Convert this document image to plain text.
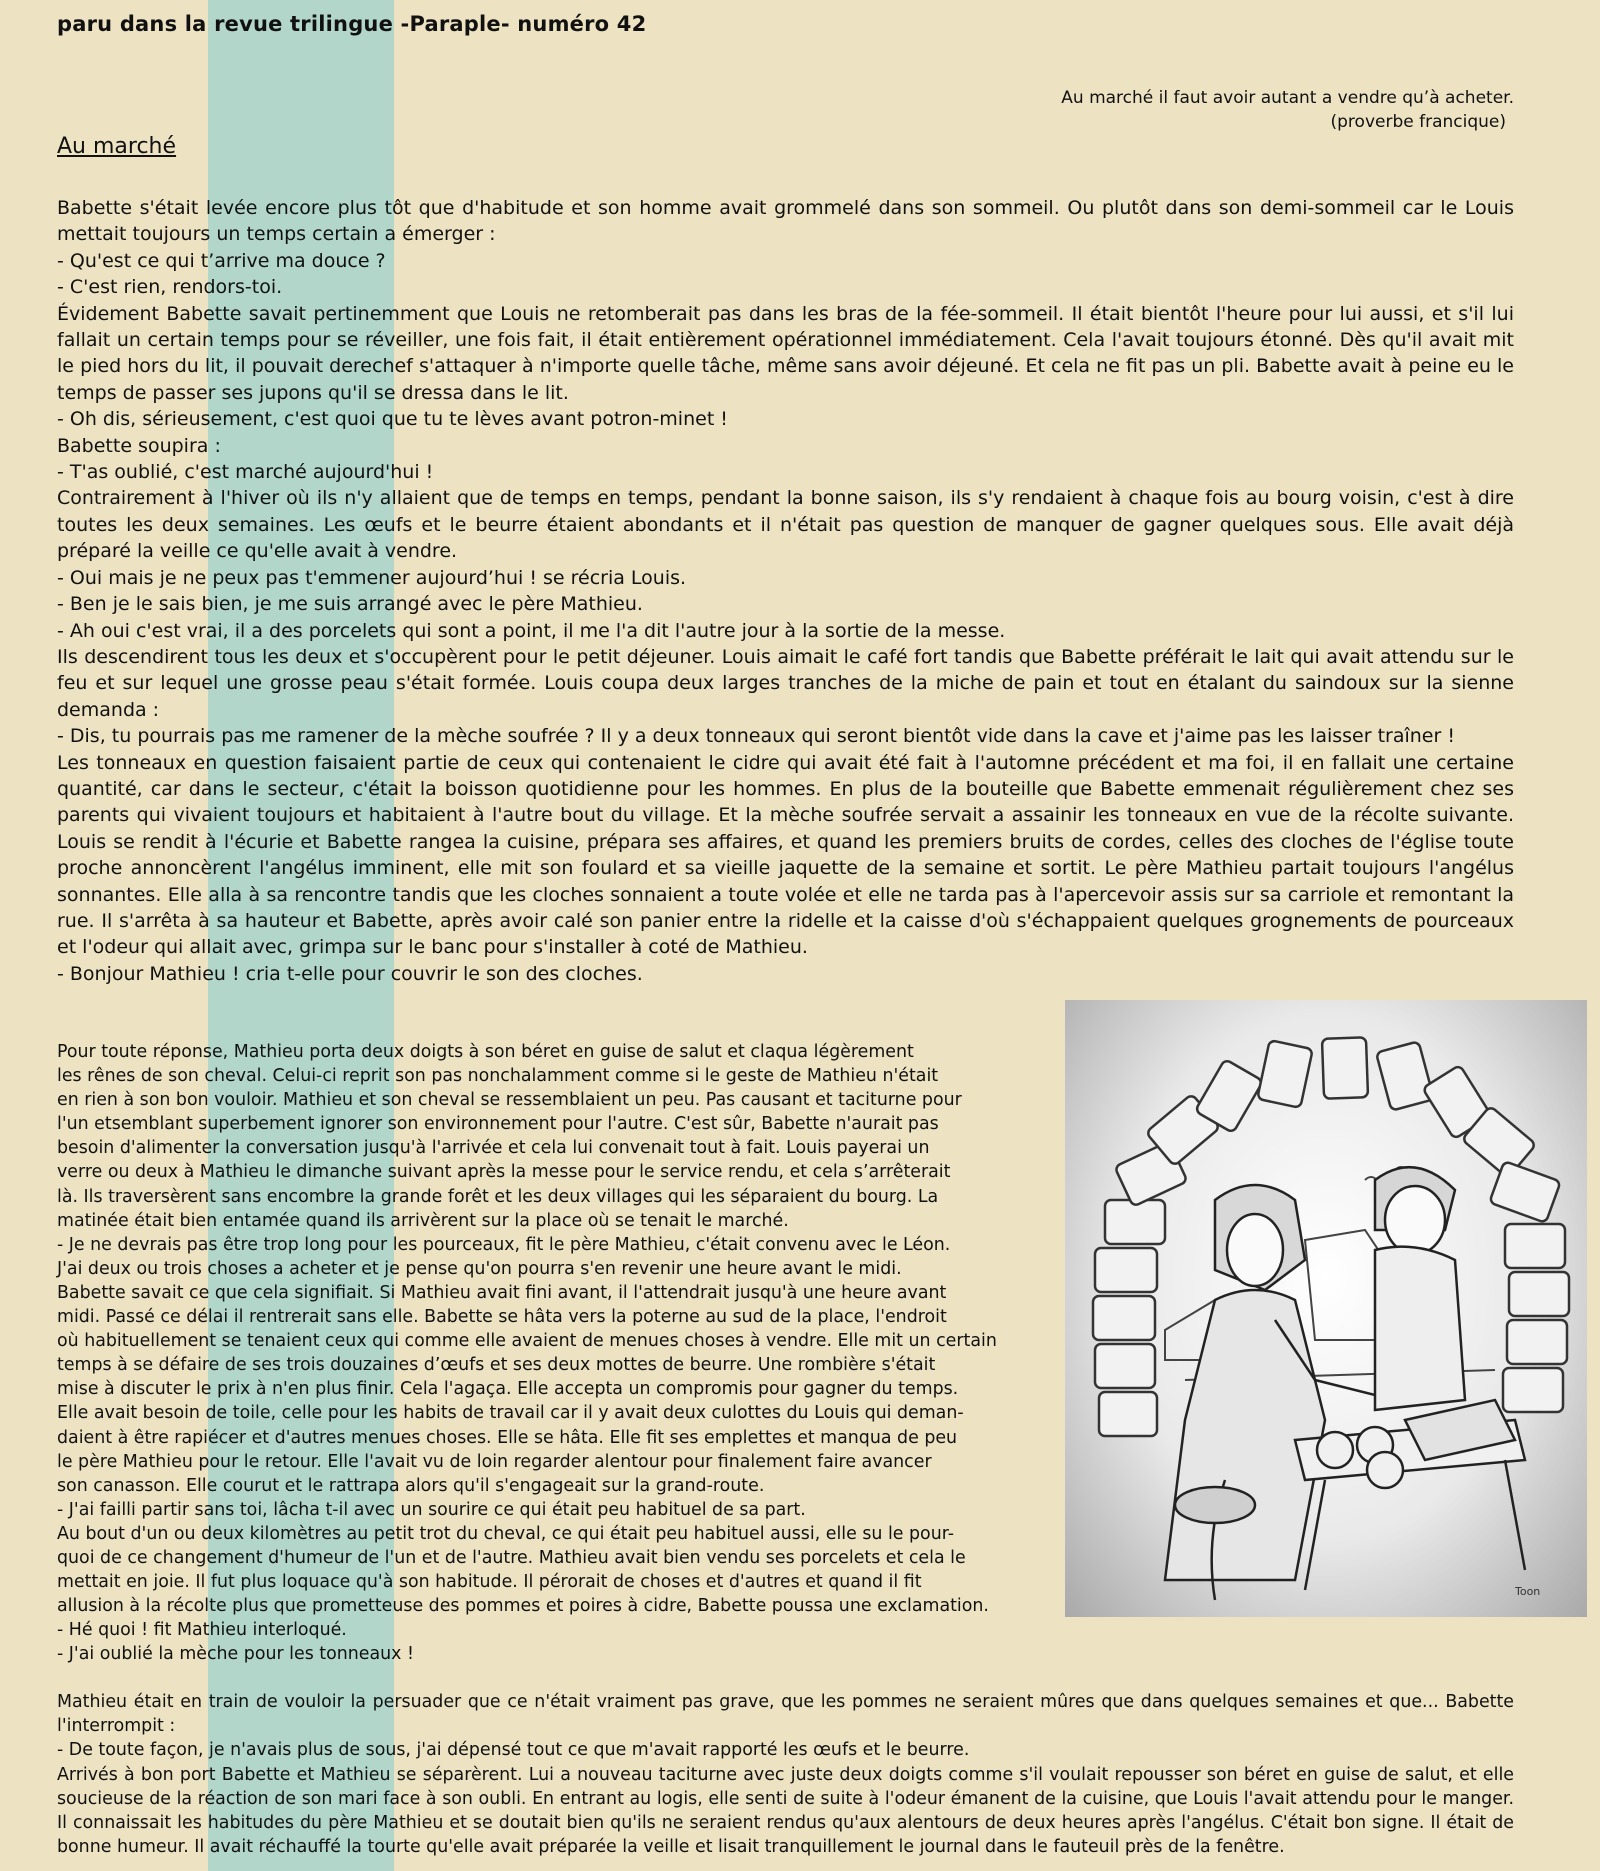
paru dans la revue trilingue -Paraple- numéro 42
Au marché il faut avoir autant a vendre qu’à acheter.
(proverbe francique)
Au marché

Babette s'était levée encore plus tôt que d'habitude et son homme avait grommelé dans son sommeil. Ou plutôt dans son demi-sommeil car le Louis mettait toujours un temps certain a émerger :

- Qu'est ce qui t’arrive ma douce ?

- C'est rien, rendors-toi.

Évidement Babette savait pertinemment que Louis ne retomberait pas dans les bras de la fée-sommeil. Il était bientôt l'heure pour lui aussi, et s'il lui fallait un certain temps pour se réveiller, une fois fait, il était entièrement opérationnel immédiatement. Cela l'avait toujours étonné. Dès qu'il avait mit le pied hors du lit, il pouvait derechef s'attaquer à n'importe quelle tâche, même sans avoir déjeuné. Et cela ne fit pas un pli. Babette avait à peine eu le temps de passer ses jupons qu'il se dressa dans le lit.

- Oh dis, sérieusement, c'est quoi que tu te lèves avant potron-minet !

Babette soupira :

- T'as oublié, c'est marché aujourd'hui !

Contrairement à l'hiver où ils n'y allaient que de temps en temps, pendant la bonne saison, ils s'y rendaient à chaque fois au bourg voisin, c'est à dire toutes les deux semaines. Les œufs et le beurre étaient abondants et il n'était pas question de manquer de gagner quelques sous. Elle avait déjà préparé la veille ce qu'elle avait à vendre.

- Oui mais je ne peux pas t'emmener aujourd’hui ! se récria Louis.

- Ben je le sais bien, je me suis arrangé avec le père Mathieu.

- Ah oui c'est vrai, il a des porcelets qui sont a point, il me l'a dit l'autre jour à la sortie de la messe.

Ils descendirent tous les deux et s'occupèrent pour le petit déjeuner. Louis aimait le café fort tandis que Babette préférait le lait qui avait attendu sur le feu et sur lequel une grosse peau s'était formée. Louis coupa deux larges tranches de la miche de pain et tout en étalant du saindoux sur la sienne demanda :

- Dis, tu pourrais pas me ramener de la mèche soufrée ? Il y a deux tonneaux qui seront bientôt vide dans la cave et j'aime pas les laisser traîner !

Les tonneaux en question faisaient partie de ceux qui contenaient le cidre qui avait été fait à l'automne précédent et ma foi, il en fallait une certaine quantité, car dans le secteur, c'était la boisson quotidienne pour les hommes. En plus de la bouteille que Babette emmenait régulièrement chez ses parents qui vivaient toujours et habitaient à l'autre bout du village. Et la mèche soufrée servait a assainir les tonneaux en vue de la récolte suivante. Louis se rendit à l'écurie et Babette rangea la cuisine, prépara ses affaires, et quand les premiers bruits de cordes, celles des cloches de l'église toute proche annoncèrent l'angélus imminent, elle mit son foulard et sa vieille jaquette de la semaine et sortit. Le père Mathieu partait toujours l'angélus sonnantes. Elle alla à sa rencontre tandis que les cloches sonnaient a toute volée et elle ne tarda pas à l'apercevoir assis sur sa carriole et remontant la rue. Il s'arrêta à sa hauteur et Babette, après avoir calé son panier entre la ridelle et la caisse d'où s'échappaient quelques grognements de pourceaux et l'odeur qui allait avec, grimpa sur le banc pour s'installer à coté de Mathieu.

- Bonjour Mathieu ! cria t-elle pour couvrir le son des cloches.

Pour toute réponse, Mathieu porta deux doigts à son béret en guise de salut et claqua légèrement

les rênes de son cheval. Celui-ci reprit son pas nonchalamment comme si le geste de Mathieu n'était

en rien à son bon vouloir. Mathieu et son cheval se ressemblaient un peu. Pas causant et taciturne pour

l'un etsemblant superbement ignorer son environnement pour l'autre. C'est sûr, Babette n'aurait pas

besoin d'alimenter la conversation jusqu'à l'arrivée et cela lui convenait tout à fait. Louis payerai un

verre ou deux à Mathieu le dimanche suivant après la messe pour le service rendu, et cela s’arrêterait

là. Ils traversèrent sans encombre la grande forêt et les deux villages qui les séparaient du bourg. La

matinée était bien entamée quand ils arrivèrent sur la place où se tenait le marché.

- Je ne devrais pas être trop long pour les pourceaux, fit le père Mathieu, c'était convenu avec le Léon.

J'ai deux ou trois choses a acheter et je pense qu'on pourra s'en revenir une heure avant le midi.

Babette savait ce que cela signifiait. Si Mathieu avait fini avant, il l'attendrait jusqu'à une heure avant

midi. Passé ce délai il rentrerait sans elle. Babette se hâta vers la poterne au sud de la place, l'endroit

où habituellement se tenaient ceux qui comme elle avaient de menues choses à vendre. Elle mit un certain

temps à se défaire de ses trois douzaines d’œufs et ses deux mottes de beurre. Une rombière s'était

mise à discuter le prix à n'en plus finir. Cela l'agaça. Elle accepta un compromis pour gagner du temps.

Elle avait besoin de toile, celle pour les habits de travail car il y avait deux culottes du Louis qui deman-

daient à être rapiécer et d'autres menues choses. Elle se hâta. Elle fit ses emplettes et manqua de peu

le père Mathieu pour le retour. Elle l'avait vu de loin regarder alentour pour finalement faire avancer

son canasson. Elle courut et le rattrapa alors qu'il s'engageait sur la grand-route.

- J'ai failli partir sans toi, lâcha t-il avec un sourire ce qui était peu habituel de sa part.

Au bout d'un ou deux kilomètres au petit trot du cheval, ce qui était peu habituel aussi, elle su le pour-

quoi de ce changement d'humeur de l'un et de l'autre. Mathieu avait bien vendu ses porcelets et cela le

mettait en joie. Il fut plus loquace qu'à son habitude. Il pérorait de choses et d'autres et quand il fit

allusion à la récolte plus que prometteuse des pommes et poires à cidre, Babette poussa une exclamation.

- Hé quoi ! fit Mathieu interloqué.

- J'ai oublié la mèche pour les tonneaux !

Toon

Mathieu était en train de vouloir la persuader que ce n'était vraiment pas grave, que les pommes ne seraient mûres que dans quelques semaines et que... Babette l'interrompit :

- De toute façon, je n'avais plus de sous, j'ai dépensé tout ce que m'avait rapporté les œufs et le beurre.

Arrivés à bon port Babette et Mathieu se séparèrent. Lui a nouveau taciturne avec juste deux doigts comme s'il voulait repousser son béret en guise de salut, et elle soucieuse de la réaction de son mari face à son oubli. En entrant au logis, elle senti de suite à l'odeur émanent de la cuisine, que Louis l'avait attendu pour le manger. Il connaissait les habitudes du père Mathieu et se doutait bien qu'ils ne seraient rendus qu'aux alentours de deux heures après l'angélus. C'était bon signe. Il était de bonne humeur. Il avait réchauffé la tourte qu'elle avait préparée la veille et lisait tranquillement le journal dans le fauteuil près de la fenêtre.
